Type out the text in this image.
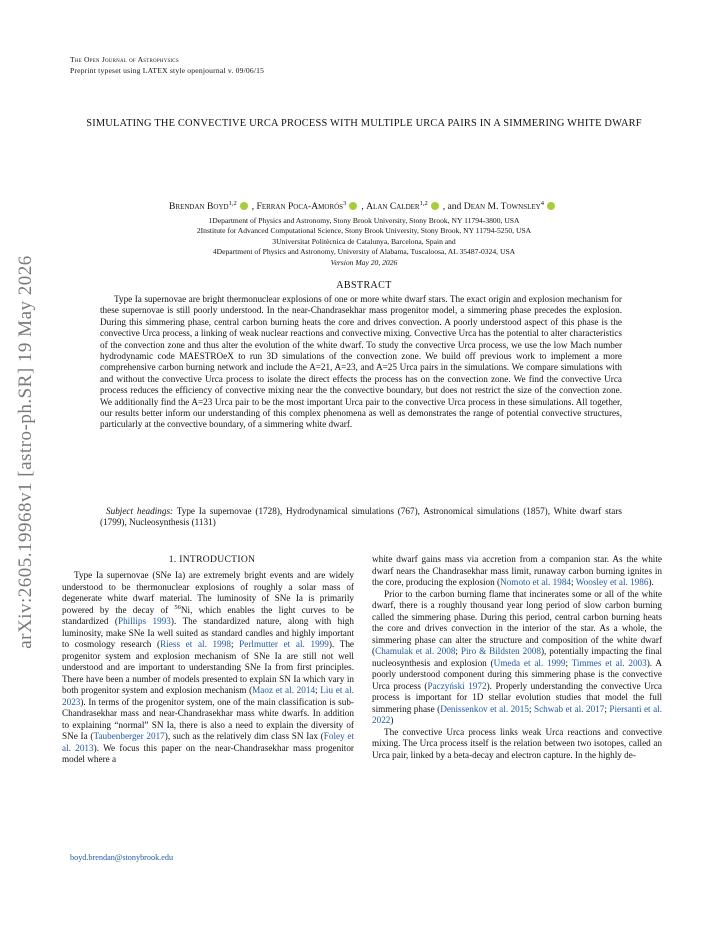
The Open Journal of Astrophysics
Preprint typeset using LATEX style openjournal v. 09/06/15
arXiv:2605.19968v1 [astro-ph.SR] 19 May 2026
SIMULATING THE CONVECTIVE URCA PROCESS WITH MULTIPLE URCA PAIRS IN A SIMMERING WHITE DWARF
Brendan Boyd$^{1,2}$ , Ferran Poca-Amorós$^3$ , Alan Calder$^{1,2}$ , and Dean M. Townsley$^4$
1Department of Physics and Astronomy, Stony Brook University, Stony Brook, NY 11794-3800, USA
2Institute for Advanced Computational Science, Stony Brook University, Stony Brook, NY 11794-5250, USA
3Universitat Politècnica de Catalunya, Barcelona, Spain and
4Department of Physics and Astronomy, University of Alabama, Tuscaloosa, AL 35487-0324, USA
Version May 20, 2026
ABSTRACT
Type Ia supernovae are bright thermonuclear explosions of one or more white dwarf stars. The exact origin and explosion mechanism for these supernovae is still poorly understood. In the near-Chandrasekhar mass progenitor model, a simmering phase precedes the explosion. During this simmering phase, central carbon burning heats the core and drives convection. A poorly understood aspect of this phase is the convective Urca process, a linking of weak nuclear reactions and convective mixing. Convective Urca has the potential to alter characteristics of the convection zone and thus alter the evolution of the white dwarf. To study the convective Urca process, we use the low Mach number hydrodynamic code MAESTROeX to run 3D simulations of the convection zone. We build off previous work to implement a more comprehensive carbon burning network and include the A=21, A=23, and A=25 Urca pairs in the simulations. We compare simulations with and without the convective Urca process to isolate the direct effects the process has on the convection zone. We find the convective Urca process reduces the efficiency of convective mixing near the the convective boundary, but does not restrict the size of the convection zone. We additionally find the A=23 Urca pair to be the most important Urca pair to the convective Urca process in these simulations. All together, our results better inform our understanding of this complex phenomena as well as demonstrates the range of potential convective structures, particularly at the convective boundary, of a simmering white dwarf.
Subject headings: Type Ia supernovae (1728), Hydrodynamical simulations (767), Astronomical simulations (1857), White dwarf stars (1799), Nucleosynthesis (1131)
1. INTRODUCTION

Type Ia supernovae (SNe Ia) are extremely bright events and are widely understood to be thermonuclear explosions of roughly a solar mass of degenerate white dwarf material. The luminosity of SNe Ia is primarily powered by the decay of $^{56}$Ni, which enables the light curves to be standardized (Phillips 1993). The standardized nature, along with high luminosity, make SNe Ia well suited as standard candles and highly important to cosmology research (Riess et al. 1998; Perlmutter et al. 1999). The progenitor system and explosion mechanism of SNe Ia are still not well understood and are important to understanding SNe Ia from first principles. There have been a number of models presented to explain SN Ia which vary in both progenitor system and explosion mechanism (Maoz et al. 2014; Liu et al. 2023). In terms of the progenitor system, one of the main classification is sub-Chandrasekhar mass and near-Chandrasekhar mass white dwarfs. In addition to explaining “normal” SN Ia, there is also a need to explain the diversity of SNe Ia (Taubenberger 2017), such as the relatively dim class SN Iax (Foley et al. 2013). We focus this paper on the near-Chandrasekhar mass progenitor model where a

white dwarf gains mass via accretion from a companion star. As the white dwarf nears the Chandrasekhar mass limit, runaway carbon burning ignites in the core, producing the explosion (Nomoto et al. 1984; Woosley et al. 1986).

Prior to the carbon burning flame that incinerates some or all of the white dwarf, there is a roughly thousand year long period of slow carbon burning called the simmering phase. During this period, central carbon burning heats the core and drives convection in the interior of the star. As a whole, the simmering phase can alter the structure and composition of the white dwarf (Chamulak et al. 2008; Piro & Bildsten 2008), potentially impacting the final nucleosynthesis and explosion (Umeda et al. 1999; Timmes et al. 2003). A poorly understood component during this simmering phase is the convective Urca process (Paczyński 1972). Properly understanding the convective Urca process is important for 1D stellar evolution studies that model the full simmering phase (Denissenkov et al. 2015; Schwab et al. 2017; Piersanti et al. 2022)

The convective Urca process links weak Urca reactions and convective mixing. The Urca process itself is the relation between two isotopes, called an Urca pair, linked by a beta-decay and electron capture. In the highly de-

boyd.brendan@stonybrook.edu
